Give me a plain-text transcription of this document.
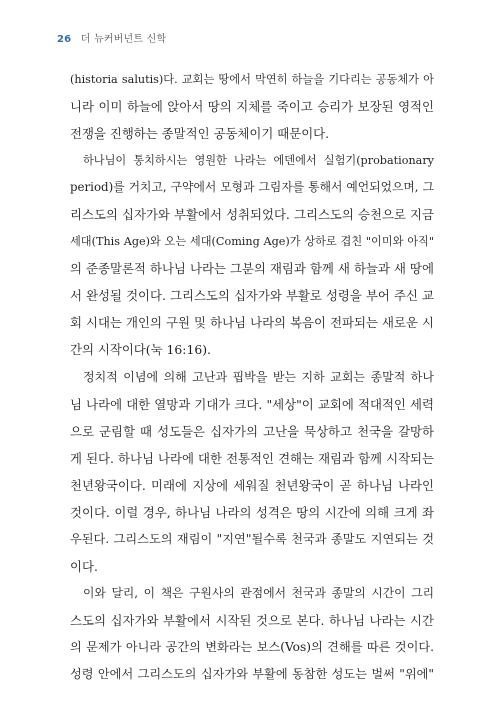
26 더 뉴커버넌트 신학
(historia salutis)다. 교회는 땅에서 막연히 하늘을 기다리는 공동체가 아
니라 이미 하늘에 앉아서 땅의 지체를 죽이고 승리가 보장된 영적인
전쟁을 진행하는 종말적인 공동체이기 때문이다.
하나님이 통치하시는 영원한 나라는 에덴에서 실험기(probationary
period)를 거치고, 구약에서 모형과 그림자를 통해서 예언되었으며, 그
리스도의 십자가와 부활에서 성취되었다. 그리스도의 승천으로 지금
세대(This Age)와 오는 세대(Coming Age)가 상하로 겹친 "이미와 아직"
의 준종말론적 하나님 나라는 그분의 재림과 함께 새 하늘과 새 땅에
서 완성될 것이다. 그리스도의 십자가와 부활로 성령을 부어 주신 교
회 시대는 개인의 구원 및 하나님 나라의 복음이 전파되는 새로운 시
간의 시작이다(눅 16:16).
정치적 이념에 의해 고난과 핍박을 받는 지하 교회는 종말적 하나
님 나라에 대한 열망과 기대가 크다. "세상"이 교회에 적대적인 세력
으로 군림할 때 성도들은 십자가의 고난을 묵상하고 천국을 갈망하
게 된다. 하나님 나라에 대한 전통적인 견해는 재림과 함께 시작되는
천년왕국이다. 미래에 지상에 세워질 천년왕국이 곧 하나님 나라인
것이다. 이럴 경우, 하나님 나라의 성격은 땅의 시간에 의해 크게 좌
우된다. 그리스도의 재림이 "지연"될수록 천국과 종말도 지연되는 것
이다.
이와 달리, 이 책은 구원사의 관점에서 천국과 종말의 시간이 그리
스도의 십자가와 부활에서 시작된 것으로 본다. 하나님 나라는 시간
의 문제가 아니라 공간의 변화라는 보스(Vos)의 견해를 따른 것이다.
성령 안에서 그리스도의 십자가와 부활에 동참한 성도는 벌써 "위에"
